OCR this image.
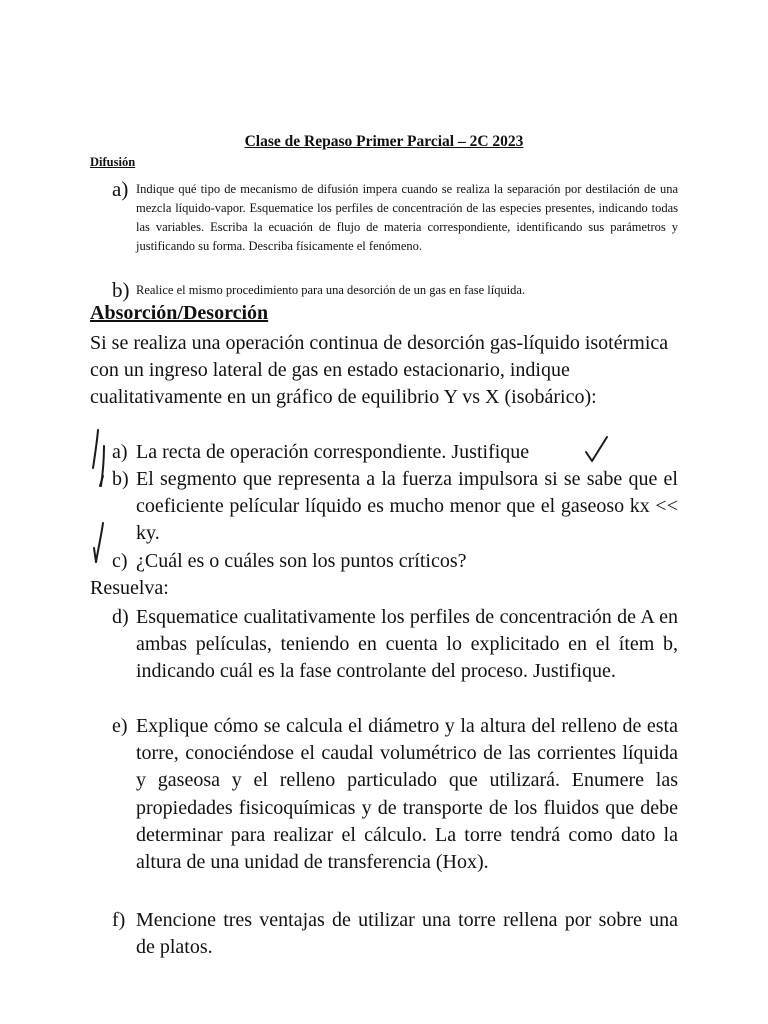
Clase de Repaso Primer Parcial – 2C 2023
Difusión
a) Indique qué tipo de mecanismo de difusión impera cuando se realiza la separación por destilación de una mezcla líquido-vapor. Esquematice los perfiles de concentración de las especies presentes, indicando todas las variables. Escriba la ecuación de flujo de materia correspondiente, identificando sus parámetros y justificando su forma. Describa físicamente el fenómeno.
b) Realice el mismo procedimiento para una desorción de un gas en fase líquida.
Absorción/Desorción
Si se realiza una operación continua de desorción gas-líquido isotérmica con un ingreso lateral de gas en estado estacionario, indique cualitativamente en un gráfico de equilibrio Y vs X (isobárico):
a) La recta de operación correspondiente. Justifique
b) El segmento que representa a la fuerza impulsora si se sabe que el coeficiente películar líquido es mucho menor que el gaseoso kx << ky.
c) ¿Cuál es o cuáles son los puntos críticos?
Resuelva:
d) Esquematice cualitativamente los perfiles de concentración de A en ambas películas, teniendo en cuenta lo explicitado en el ítem b, indicando cuál es la fase controlante del proceso. Justifique.
e) Explique cómo se calcula el diámetro y la altura del relleno de esta torre, conociéndose el caudal volumétrico de las corrientes líquida y gaseosa y el relleno particulado que utilizará. Enumere las propiedades fisicoquímicas y de transporte de los fluidos que debe determinar para realizar el cálculo. La torre tendrá como dato la altura de una unidad de transferencia (Hox).
f) Mencione tres ventajas de utilizar una torre rellena por sobre una de platos.
